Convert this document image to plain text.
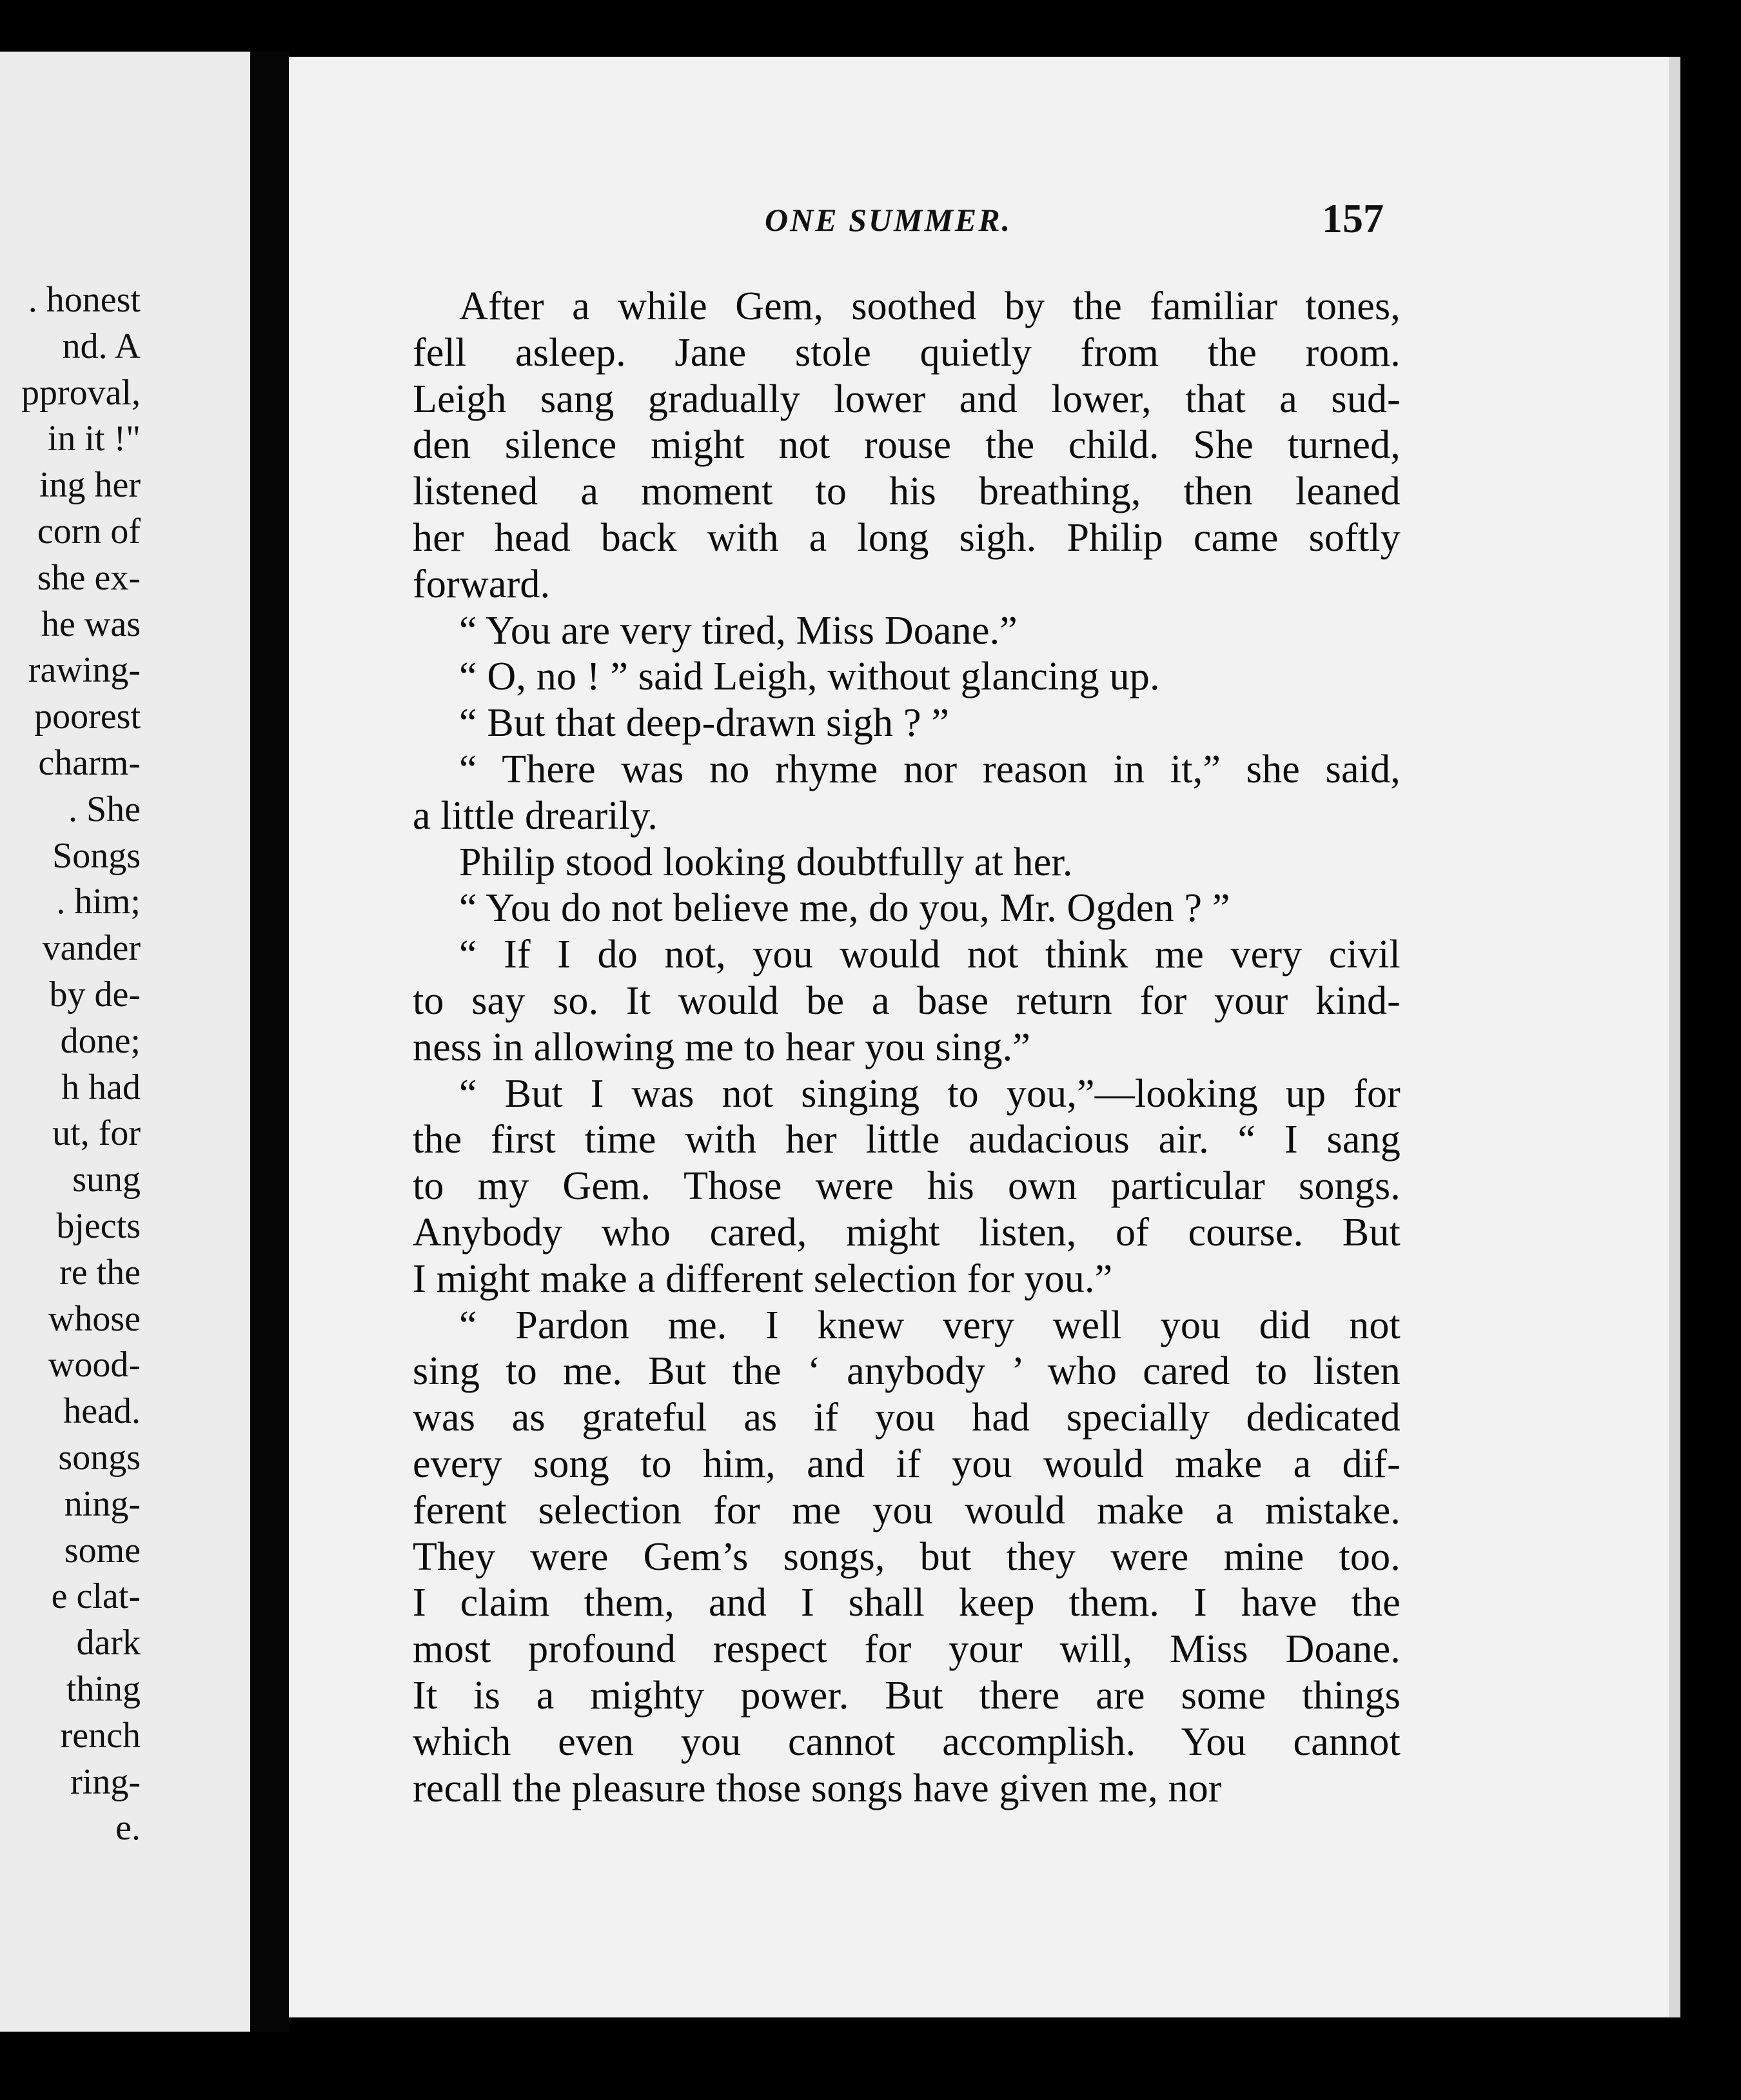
. honest
nd. A
pproval,
in it !"
ing her
corn of
she ex-
he was
rawing-
poorest
charm-
. She
Songs
. him;
vander
by de-
done;
h had
ut, for
sung
bjects
re the
whose
wood-
head.
songs
ning-
some
e clat-
dark
thing
rench
ring-
e.
ONE SUMMER.	157
After a while Gem, soothed by the familiar tones,
fell asleep. Jane stole quietly from the room.
Leigh sang gradually lower and lower, that a sud-
den silence might not rouse the child. She turned,
listened a moment to his breathing, then leaned
her head back with a long sigh. Philip came softly
forward.
“ You are very tired, Miss Doane.”
“ O, no ! ” said Leigh, without glancing up.
“ But that deep-drawn sigh ? ”
“ There was no rhyme nor reason in it,” she said,
a little drearily.
Philip stood looking doubtfully at her.
“ You do not believe me, do you, Mr. Ogden ? ”
“ If I do not, you would not think me very civil
to say so. It would be a base return for your kind-
ness in allowing me to hear you sing.”
“ But I was not singing to you,”—looking up for
the first time with her little audacious air. “ I sang
to my Gem. Those were his own particular songs.
Anybody who cared, might listen, of course. But
I might make a different selection for you.”
“ Pardon me. I knew very well you did not
sing to me. But the ‘ anybody ’ who cared to listen
was as grateful as if you had specially dedicated
every song to him, and if you would make a dif-
ferent selection for me you would make a mistake.
They were Gem’s songs, but they were mine too.
I claim them, and I shall keep them. I have the
most profound respect for your will, Miss Doane.
It is a mighty power. But there are some things
which even you cannot accomplish. You cannot
recall the pleasure those songs have given me, nor
